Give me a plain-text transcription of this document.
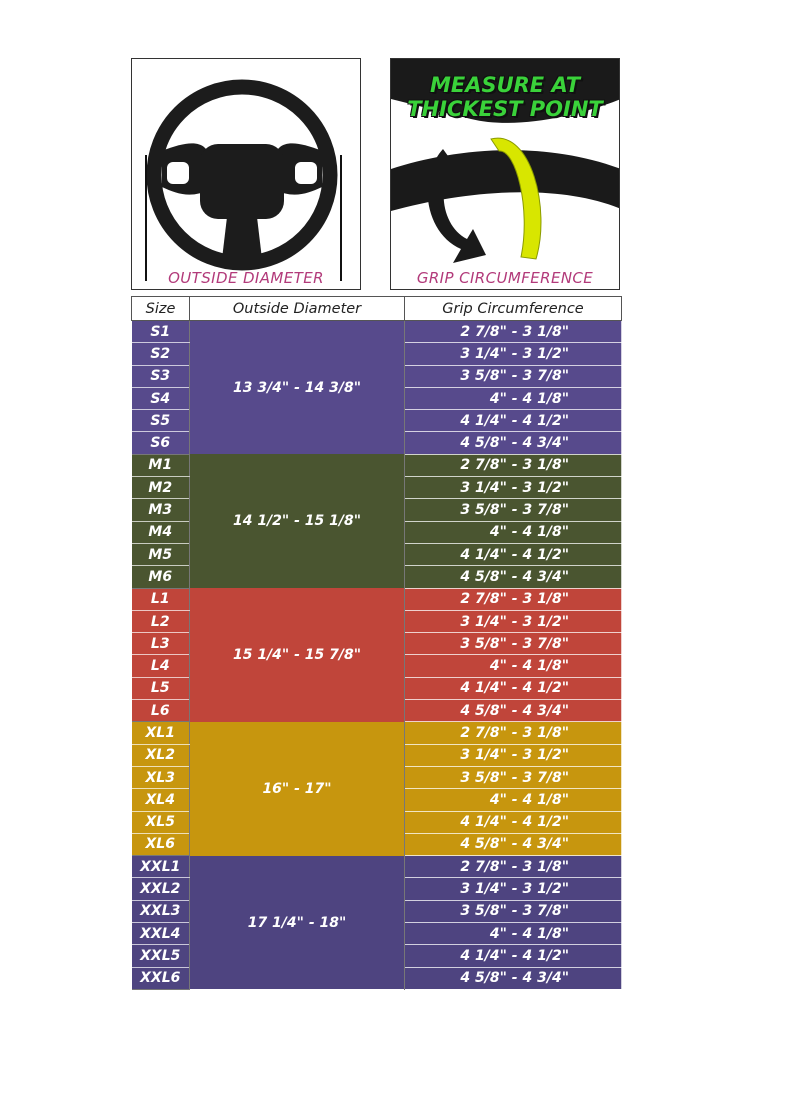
OUTSIDE DIAMETER
MEASURE AT
THICKEST POINT
GRIP CIRCUMFERENCE
Size	Outside Diameter	Grip Circumference
S1	13 3/4" - 14 3/8"	2 7/8" - 3 1/8"
S2		3 1/4" - 3 1/2"
S3		3 5/8" - 3 7/8"
S4		4" - 4 1/8"
S5		4 1/4" - 4 1/2"
S6		4 5/8" - 4 3/4"
M1	14 1/2" - 15 1/8"	2 7/8" - 3 1/8"
M2		3 1/4" - 3 1/2"
M3		3 5/8" - 3 7/8"
M4		4" - 4 1/8"
M5		4 1/4" - 4 1/2"
M6		4 5/8" - 4 3/4"
L1	15 1/4" - 15 7/8"	2 7/8" - 3 1/8"
L2		3 1/4" - 3 1/2"
L3		3 5/8" - 3 7/8"
L4		4" - 4 1/8"
L5		4 1/4" - 4 1/2"
L6		4 5/8" - 4 3/4"
XL1	16" - 17"	2 7/8" - 3 1/8"
XL2		3 1/4" - 3 1/2"
XL3		3 5/8" - 3 7/8"
XL4		4" - 4 1/8"
XL5		4 1/4" - 4 1/2"
XL6		4 5/8" - 4 3/4"
XXL1	17 1/4" - 18"	2 7/8" - 3 1/8"
XXL2		3 1/4" - 3 1/2"
XXL3		3 5/8" - 3 7/8"
XXL4		4" - 4 1/8"
XXL5		4 1/4" - 4 1/2"
XXL6		4 5/8" - 4 3/4"
